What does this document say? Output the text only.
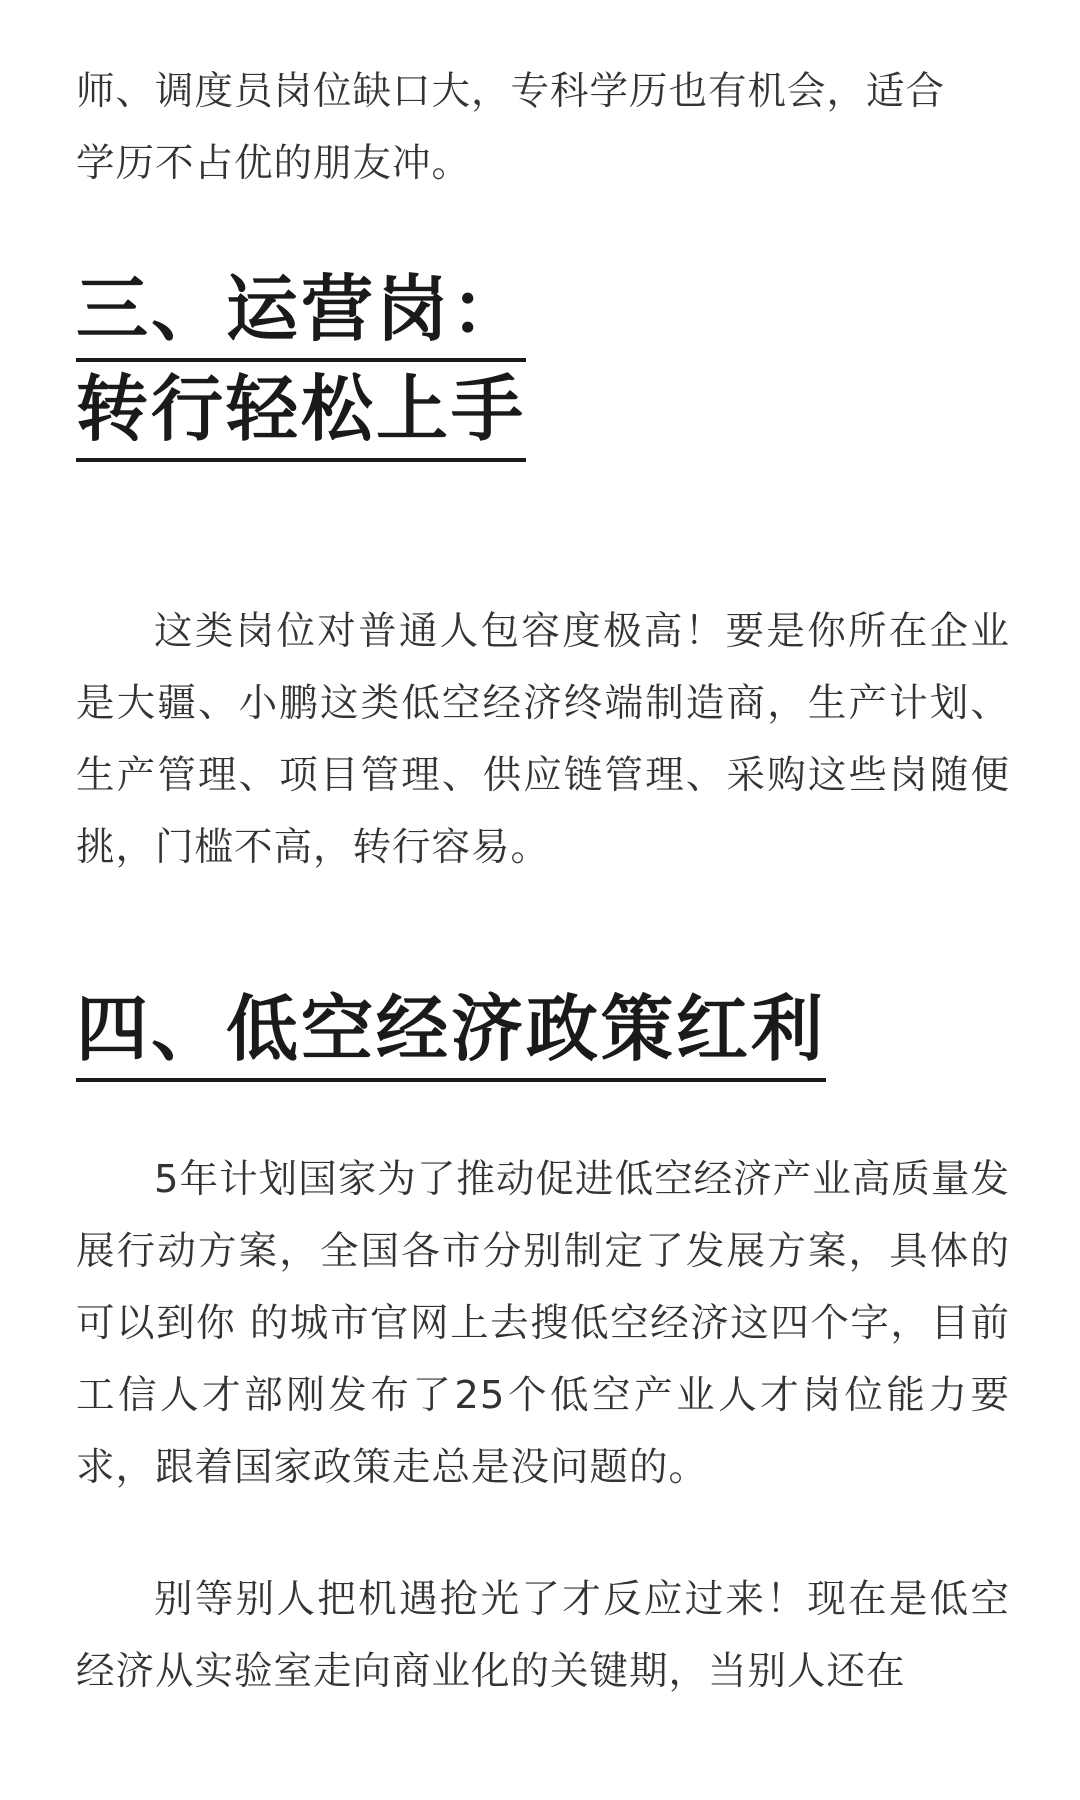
师、调度员岗位缺口大，专科学历也有机会，适合
学历不占优的朋友冲。

三、运营岗：
转行轻松上手

这类岗位对普通人包容度极高！要是你所在企业是大疆、小鹏这类低空经济终端制造商，生产计划、生产管理、项目管理、供应链管理、采购这些岗随便挑，门槛不高，转行容易。

四、低空经济政策红利

5年计划国家为了推动促进低空经济产业高质量发展行动方案，全国各市分别制定了发展方案，具体的可以到你 的城市官网上去搜低空经济这四个字，目前工信人才部刚发布了25个低空产业人才岗位能力要求，跟着国家政策走总是没问题的。

别等别人把机遇抢光了才反应过来！现在是低空经济从实验室走向商业化的关键期，当别人还在
